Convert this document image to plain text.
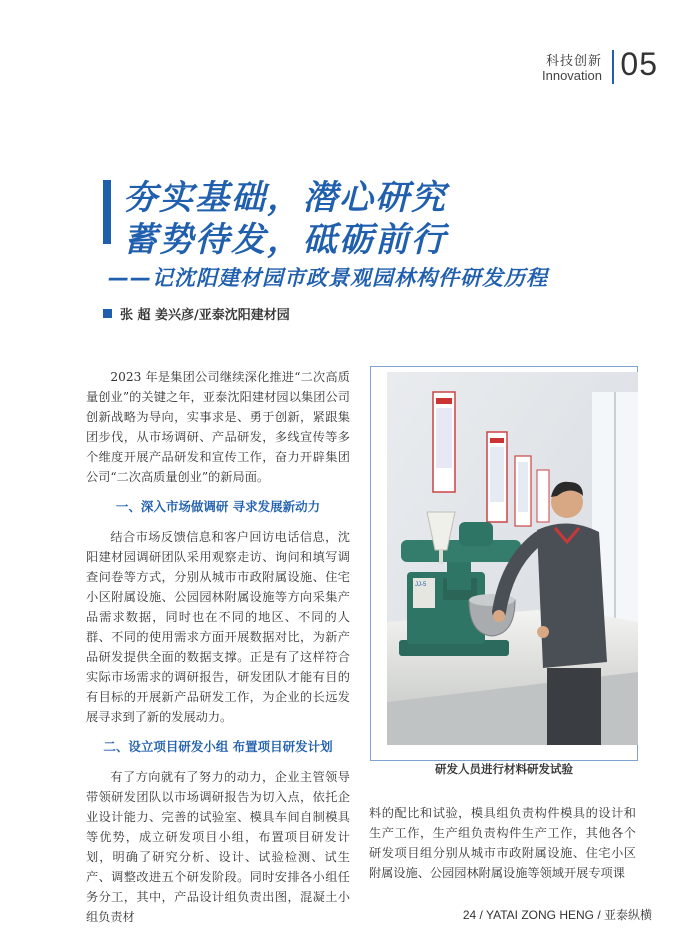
科技创新
Innovation 05
夯实基础，潜心研究
蓄势待发，砥砺前行
——记沈阳建材园市政景观园林构件研发历程
张 超 姜兴彦/亚泰沈阳建材园

2023 年是集团公司继续深化推进“二次高质量创业”的关键之年，亚泰沈阳建材园以集团公司创新战略为导向，实事求是、勇于创新，紧跟集团步伐，从市场调研、产品研发，多线宣传等多个维度开展产品研发和宣传工作，奋力开辟集团公司“二次高质量创业”的新局面。

一、深入市场做调研 寻求发展新动力

结合市场反馈信息和客户回访电话信息，沈阳建材园调研团队采用观察走访、询问和填写调查问卷等方式，分别从城市市政附属设施、住宅小区附属设施、公园园林附属设施等方向采集产品需求数据，同时也在不同的地区、不同的人群、不同的使用需求方面开展数据对比，为新产品研发提供全面的数据支撑。正是有了这样符合实际市场需求的调研报告，研发团队才能有目的有目标的开展新产品研发工作，为企业的长远发展寻求到了新的发展动力。

二、设立项目研发小组 布置项目研发计划

有了方向就有了努力的动力，企业主管领导带领研发团队以市场调研报告为切入点，依托企业设计能力、完善的试验室、模具车间自制模具等优势，成立研发项目小组，布置项目研发计划，明确了研究分析、设计、试验检测、试生产、调整改进五个研发阶段。同时安排各小组任务分工，其中，产品设计组负责出图，混凝土小组负责材

研发人员进行材料研发试验
JJ-5

料的配比和试验，模具组负责构件模具的设计和生产工作，生产组负责构件生产工作，其他各个研发项目组分别从城市市政附属设施、住宅小区附属设施、公园园林附属设施等领域开展专项课

24 / YATAI ZONG HENG / 亚泰纵横
